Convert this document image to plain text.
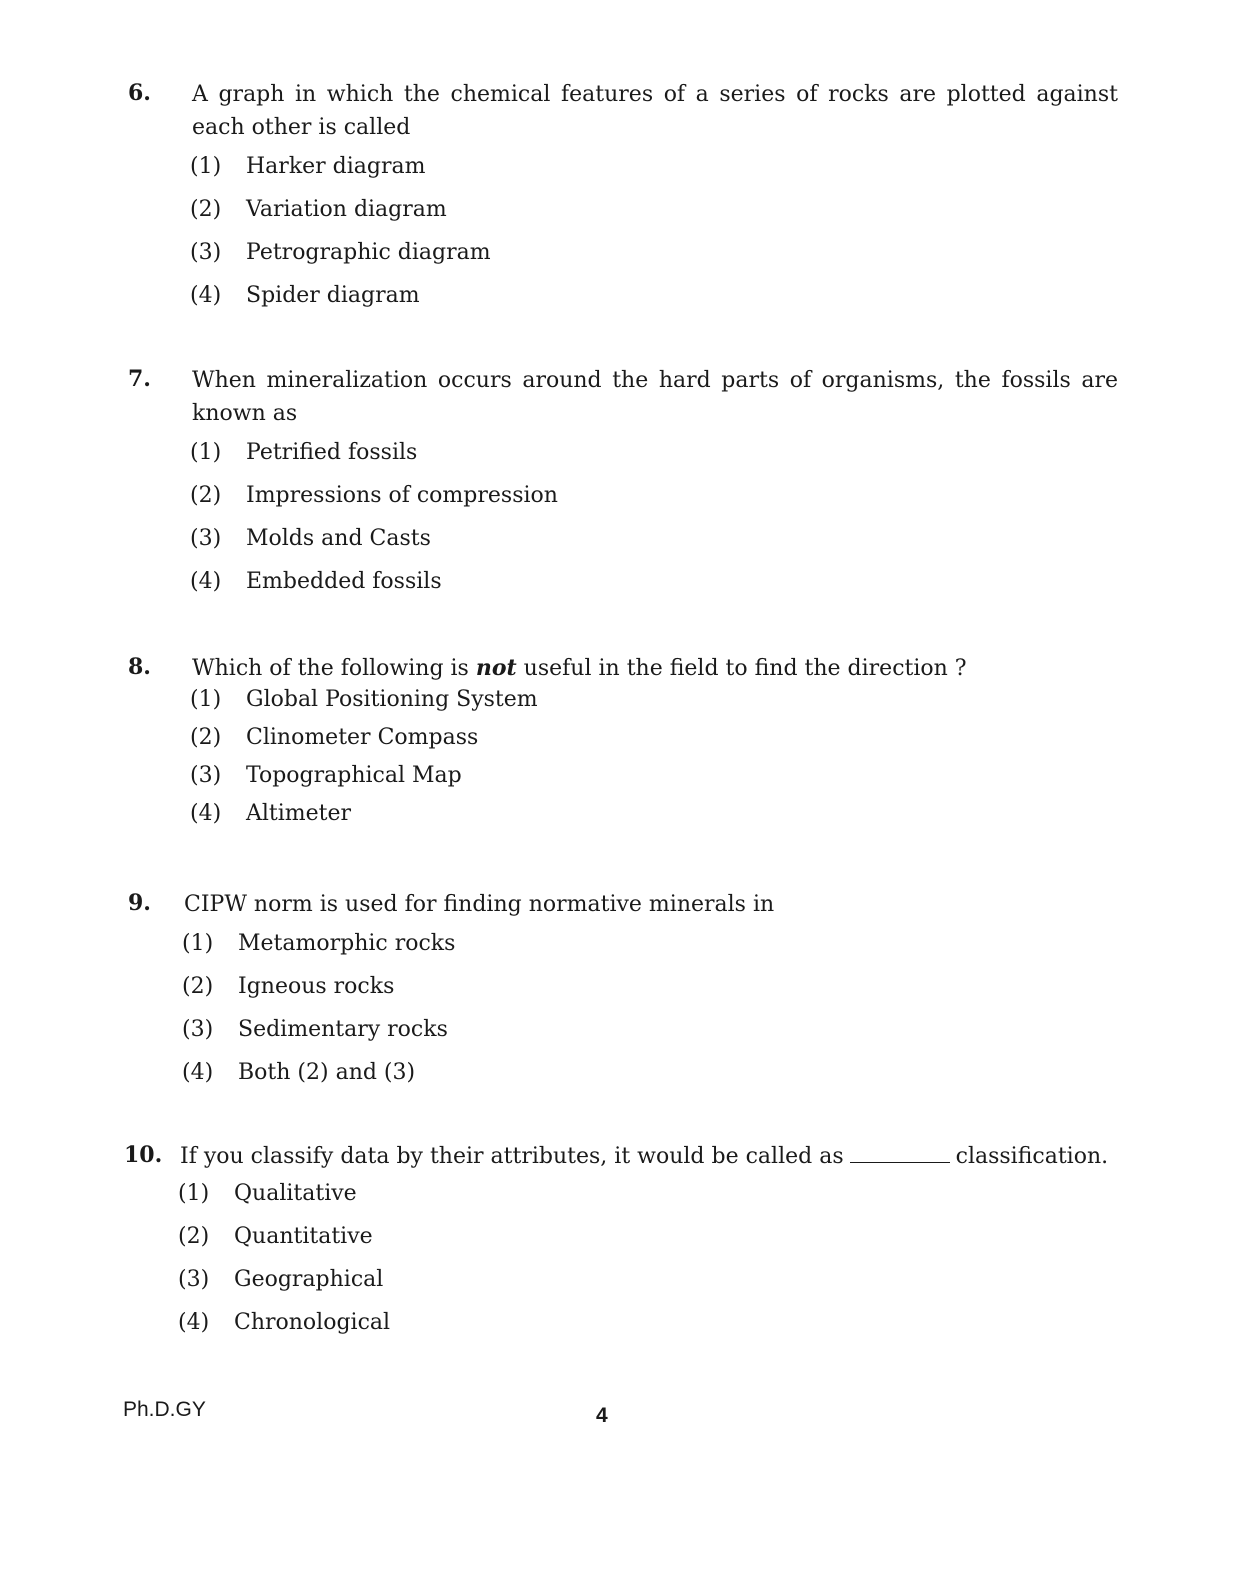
6. A graph in which the chemical features of a series of rocks are plotted against each other is called
(1)	Harker diagram
(2)	Variation diagram
(3)	Petrographic diagram
(4)	Spider diagram
7. When mineralization occurs around the hard parts of organisms, the fossils are known as
(1)	Petrified fossils
(2)	Impressions of compression
(3)	Molds and Casts
(4)	Embedded fossils
8. Which of the following is not useful in the field to find the direction ?
(1)	Global Positioning System
(2)	Clinometer Compass
(3)	Topographical Map
(4)	Altimeter
9. CIPW norm is used for finding normative minerals in
(1)	Metamorphic rocks
(2)	Igneous rocks
(3)	Sedimentary rocks
(4)	Both (2) and (3)
10. If you classify data by their attributes, it would be called as	classification.
(1)	Qualitative
(2)	Quantitative
(3)	Geographical
(4)	Chronological
Ph.D.GY	4
